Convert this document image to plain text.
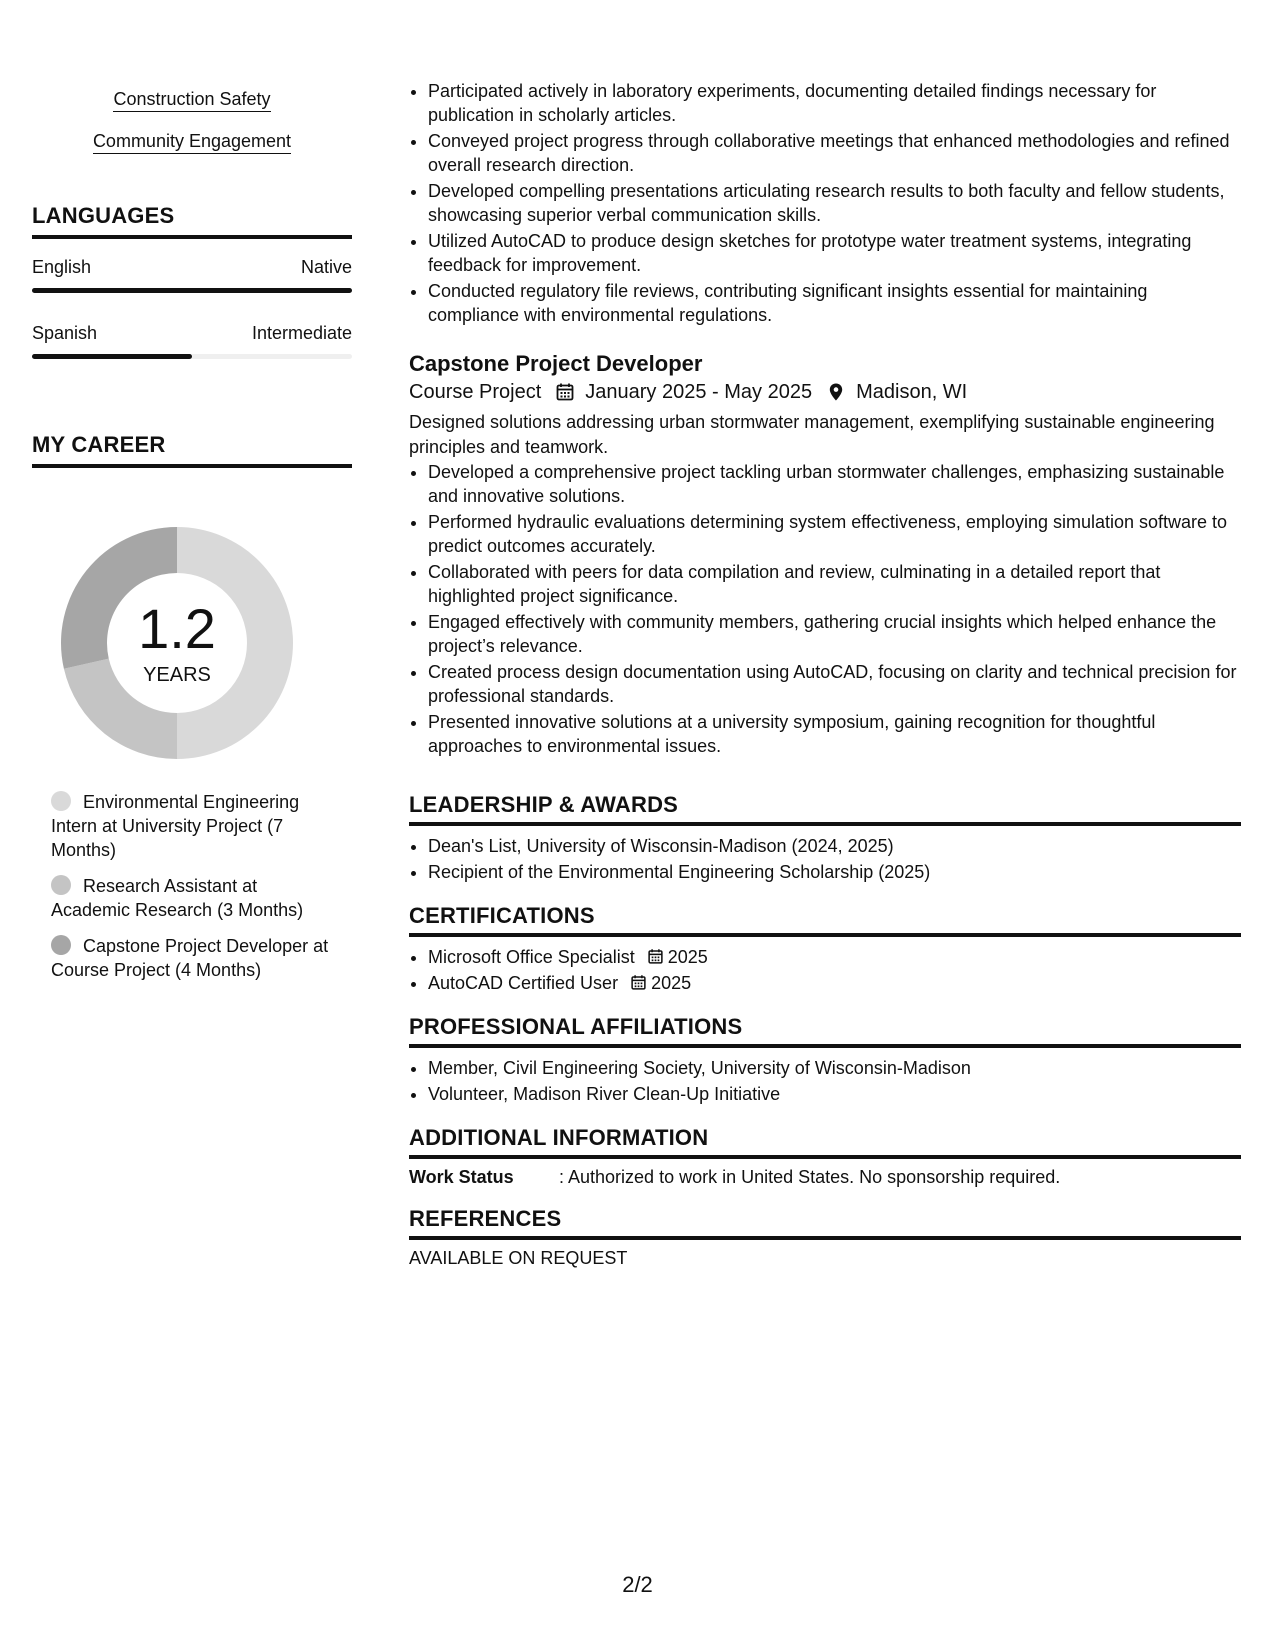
Construction Safety
Community Engagement
LANGUAGES
English	Native
Spanish	Intermediate
MY CAREER
1.2
YEARS
Environmental Engineering Intern at University Project (7 Months)
Research Assistant at Academic Research (3 Months)
Capstone Project Developer at Course Project (4 Months)
• Participated actively in laboratory experiments, documenting detailed findings necessary for publication in scholarly articles.
• Conveyed project progress through collaborative meetings that enhanced methodologies and refined overall research direction.
• Developed compelling presentations articulating research results to both faculty and fellow students, showcasing superior verbal communication skills.
• Utilized AutoCAD to produce design sketches for prototype water treatment systems, integrating feedback for improvement.
• Conducted regulatory file reviews, contributing significant insights essential for maintaining compliance with environmental regulations.
Capstone Project Developer
Course Project January 2025 - May 2025 Madison, WI
Designed solutions addressing urban stormwater management, exemplifying sustainable engineering principles and teamwork.
• Developed a comprehensive project tackling urban stormwater challenges, emphasizing sustainable and innovative solutions.
• Performed hydraulic evaluations determining system effectiveness, employing simulation software to predict outcomes accurately.
• Collaborated with peers for data compilation and review, culminating in a detailed report that highlighted project significance.
• Engaged effectively with community members, gathering crucial insights which helped enhance the project’s relevance.
• Created process design documentation using AutoCAD, focusing on clarity and technical precision for professional standards.
• Presented innovative solutions at a university symposium, gaining recognition for thoughtful approaches to environmental issues.
LEADERSHIP & AWARDS
• Dean's List, University of Wisconsin-Madison (2024, 2025)
• Recipient of the Environmental Engineering Scholarship (2025)
CERTIFICATIONS
• Microsoft Office Specialist 2025
• AutoCAD Certified User 2025
PROFESSIONAL AFFILIATIONS
• Member, Civil Engineering Society, University of Wisconsin-Madison
• Volunteer, Madison River Clean-Up Initiative
ADDITIONAL INFORMATION
Work Status	: Authorized to work in United States. No sponsorship required.
REFERENCES
AVAILABLE ON REQUEST
2/2
